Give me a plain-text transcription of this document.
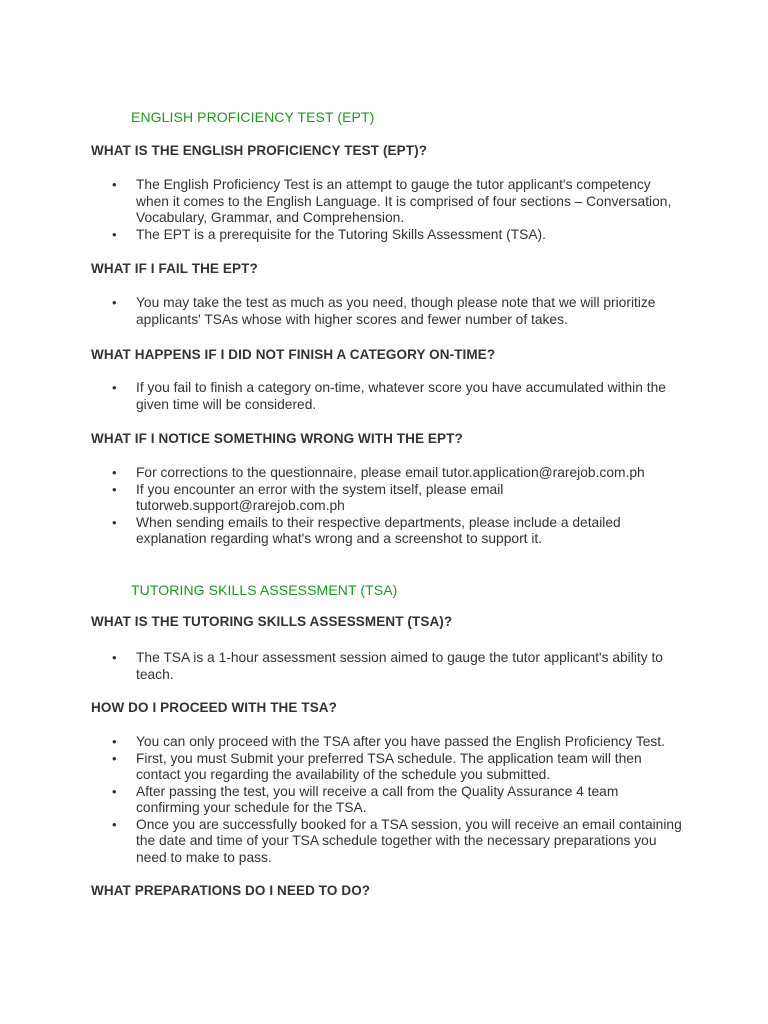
ENGLISH PROFICIENCY TEST (EPT)
WHAT IS THE ENGLISH PROFICIENCY TEST (EPT)?
•	The English Proficiency Test is an attempt to gauge the tutor applicant's competency when it comes to the English Language. It is comprised of four sections – Conversation, Vocabulary, Grammar, and Comprehension.
•	The EPT is a prerequisite for the Tutoring Skills Assessment (TSA).
WHAT IF I FAIL THE EPT?
•	You may take the test as much as you need, though please note that we will prioritize applicants' TSAs whose with higher scores and fewer number of takes.
WHAT HAPPENS IF I DID NOT FINISH A CATEGORY ON-TIME?
•	If you fail to finish a category on-time, whatever score you have accumulated within the given time will be considered.
WHAT IF I NOTICE SOMETHING WRONG WITH THE EPT?
•	For corrections to the questionnaire, please email tutor.application@rarejob.com.ph
•	If you encounter an error with the system itself, please email tutorweb.support@rarejob.com.ph
•	When sending emails to their respective departments, please include a detailed explanation regarding what's wrong and a screenshot to support it.
TUTORING SKILLS ASSESSMENT (TSA)
WHAT IS THE TUTORING SKILLS ASSESSMENT (TSA)?
•	The TSA is a 1-hour assessment session aimed to gauge the tutor applicant's ability to teach.
HOW DO I PROCEED WITH THE TSA?
•	You can only proceed with the TSA after you have passed the English Proficiency Test.
•	First, you must Submit your preferred TSA schedule. The application team will then contact you regarding the availability of the schedule you submitted.
•	After passing the test, you will receive a call from the Quality Assurance 4 team confirming your schedule for the TSA.
•	Once you are successfully booked for a TSA session, you will receive an email containing the date and time of your TSA schedule together with the necessary preparations you need to make to pass.
WHAT PREPARATIONS DO I NEED TO DO?
